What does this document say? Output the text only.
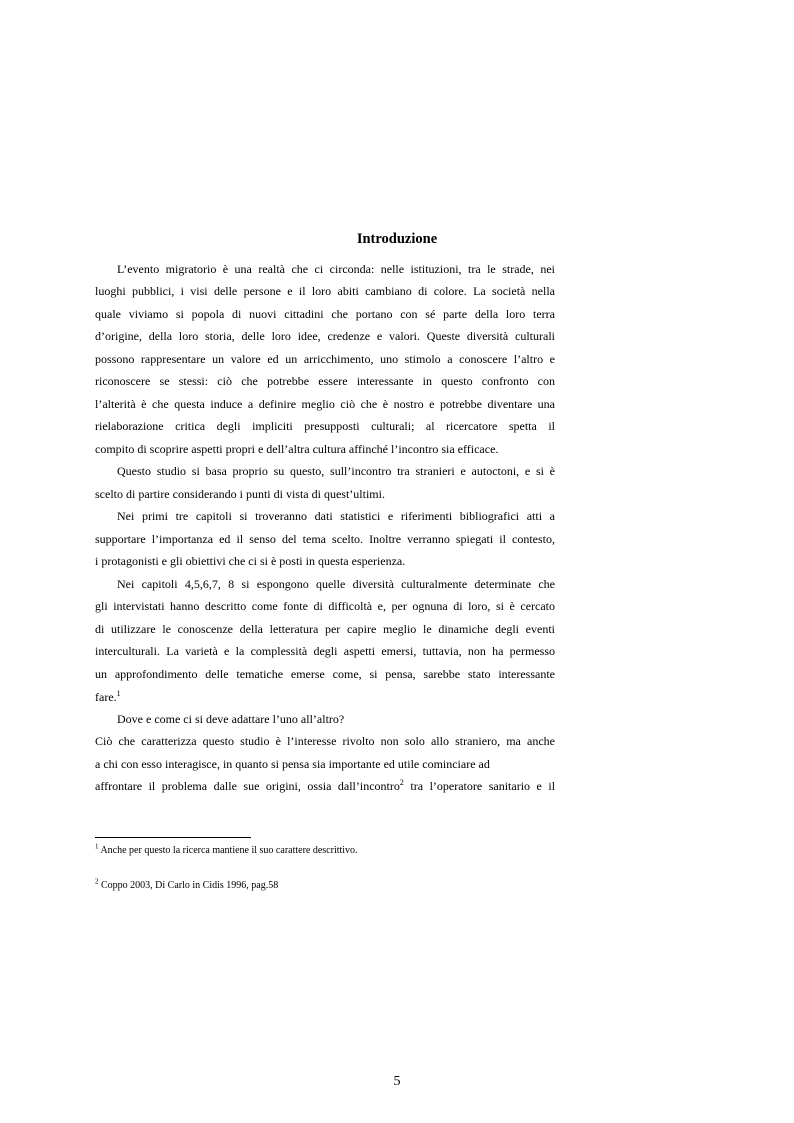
Introduzione
L’evento migratorio è una realtà che ci circonda: nelle istituzioni, tra le strade, nei
luoghi pubblici, i visi delle persone e il loro abiti cambiano di colore. La società nella
quale viviamo si popola di nuovi cittadini che portano con sé parte della loro terra
d’origine, della loro storia, delle loro idee, credenze e valori. Queste diversità culturali
possono rappresentare un valore ed un arricchimento, uno stimolo a conoscere l’altro e
riconoscere se stessi: ciò che potrebbe essere interessante in questo confronto con
l’alterità è che questa induce a definire meglio ciò che è nostro e potrebbe diventare una
rielaborazione critica degli impliciti presupposti culturali; al ricercatore spetta il
compito di scoprire aspetti propri e dell’altra cultura affinché l’incontro sia efficace.
Questo studio si basa proprio su questo, sull’incontro tra stranieri e autoctoni, e si è
scelto di partire considerando i punti di vista di quest’ultimi.
Nei primi tre capitoli si troveranno dati statistici e riferimenti bibliografici atti a
supportare l’importanza ed il senso del tema scelto. Inoltre verranno spiegati il contesto,
i protagonisti e gli obiettivi che ci si è posti in questa esperienza.
Nei capitoli 4,5,6,7, 8 si espongono quelle diversità culturalmente determinate che
gli intervistati hanno descritto come fonte di difficoltà e, per ognuna di loro, si è cercato
di utilizzare le conoscenze della letteratura per capire meglio le dinamiche degli eventi
interculturali. La varietà e la complessità degli aspetti emersi, tuttavia, non ha permesso
un approfondimento delle tematiche emerse come, si pensa, sarebbe stato interessante
fare.$^1$
Dove e come ci si deve adattare l’uno all’altro?
Ciò che caratterizza questo studio è l’interesse rivolto non solo allo straniero, ma anche
a chi con esso interagisce, in quanto si pensa sia importante ed utile cominciare ad
affrontare il problema dalle sue origini, ossia dall’incontro$^2$ tra l’operatore sanitario e il
$^1$ Anche per questo la ricerca mantiene il suo carattere descrittivo.
$^2$ Coppo 2003, Di Carlo in Cidis 1996, pag.58
5
